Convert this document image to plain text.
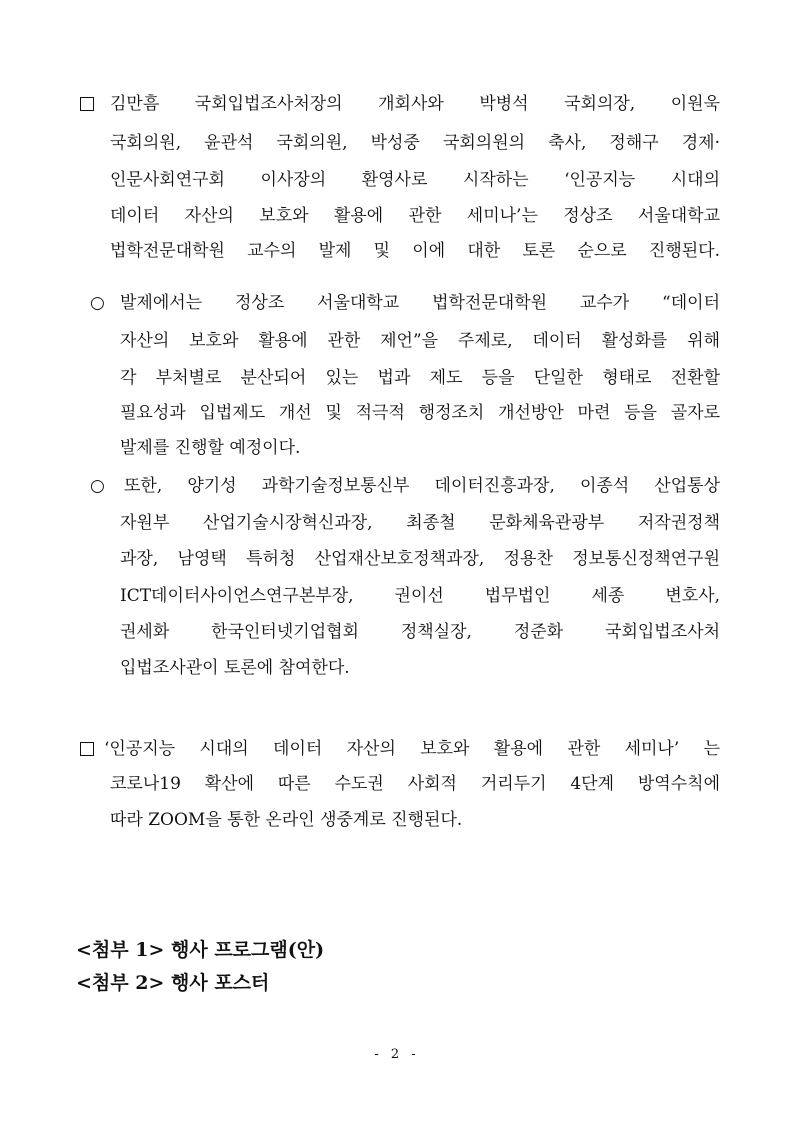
김만흠 국회입법조사처장의 개회사와 박병석 국회의장, 이원욱
국회의원, 윤관석 국회의원, 박성중 국회의원의 축사, 정해구 경제·
인문사회연구회 이사장의 환영사로 시작하는 ‘인공지능 시대의
데이터 자산의 보호와 활용에 관한 세미나’는 정상조 서울대학교
법학전문대학원 교수의 발제 및 이에 대한 토론 순으로 진행된다.
○ 발제에서는 정상조 서울대학교 법학전문대학원 교수가 “데이터
자산의 보호와 활용에 관한 제언”을 주제로, 데이터 활성화를 위해
각 부처별로 분산되어 있는 법과 제도 등을 단일한 형태로 전환할
필요성과 입법제도 개선 및 적극적 행정조치 개선방안 마련 등을 골자로
발제를 진행할 예정이다.
○ 또한, 양기성 과학기술정보통신부 데이터진흥과장, 이종석 산업통상
자원부 산업기술시장혁신과장, 최종철 문화체육관광부 저작권정책
과장, 남영택 특허청 산업재산보호정책과장, 정용찬 정보통신정책연구원
ICT데이터사이언스연구본부장, 권이선 법무법인 세종 변호사,
권세화 한국인터넷기업협회 정책실장, 정준화 국회입법조사처
입법조사관이 토론에 참여한다.
‘인공지능 시대의 데이터 자산의 보호와 활용에 관한 세미나’ 는
코로나19 확산에 따른 수도권 사회적 거리두기 4단계 방역수칙에
따라 ZOOM을 통한 온라인 생중계로 진행된다.
<첨부 1> 행사 프로그램(안)
<첨부 2> 행사 포스터
- 2 -
